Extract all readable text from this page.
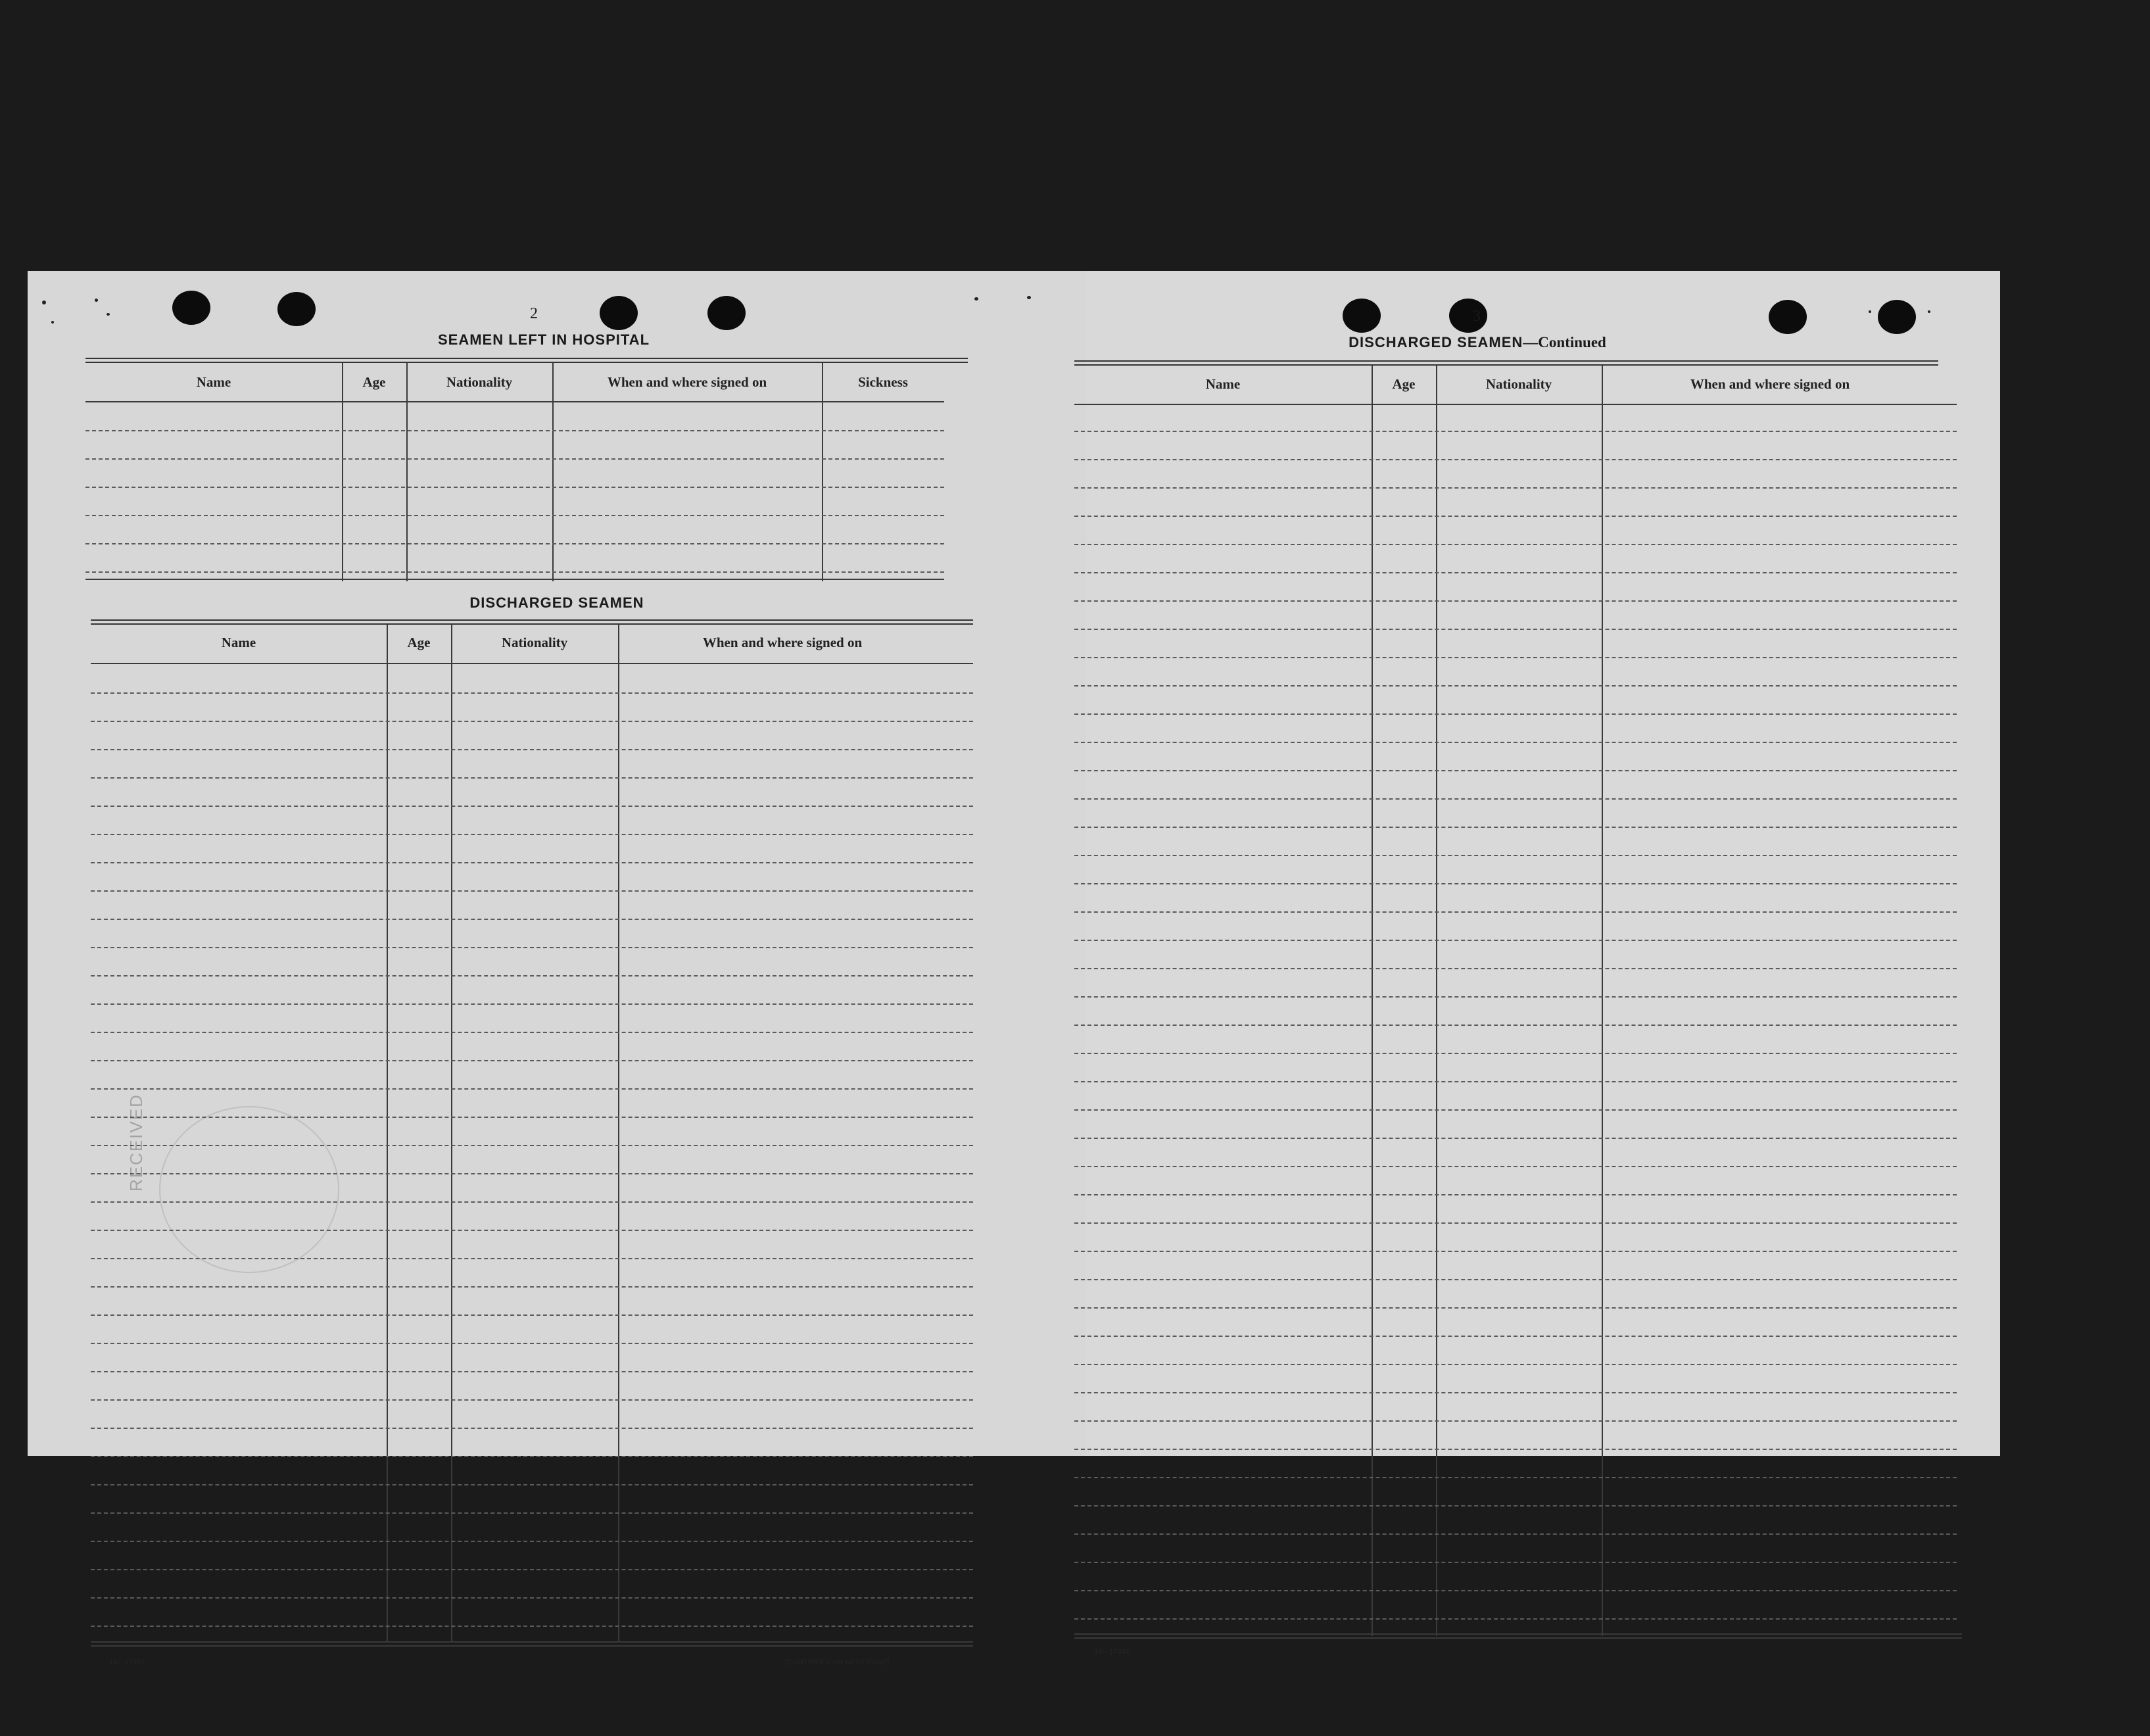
RECEIVED
2
SEAMEN LEFT IN HOSPITAL
Name	Age	Nationality	When and where signed on	Sickness
DISCHARGED SEAMEN
Name	Age	Nationality	When and where signed on
16—17387	[CONTINUED ON NEXT PAGE]
3
DISCHARGED SEAMEN—Continued
Name	Age	Nationality	When and where signed on
16—17387
